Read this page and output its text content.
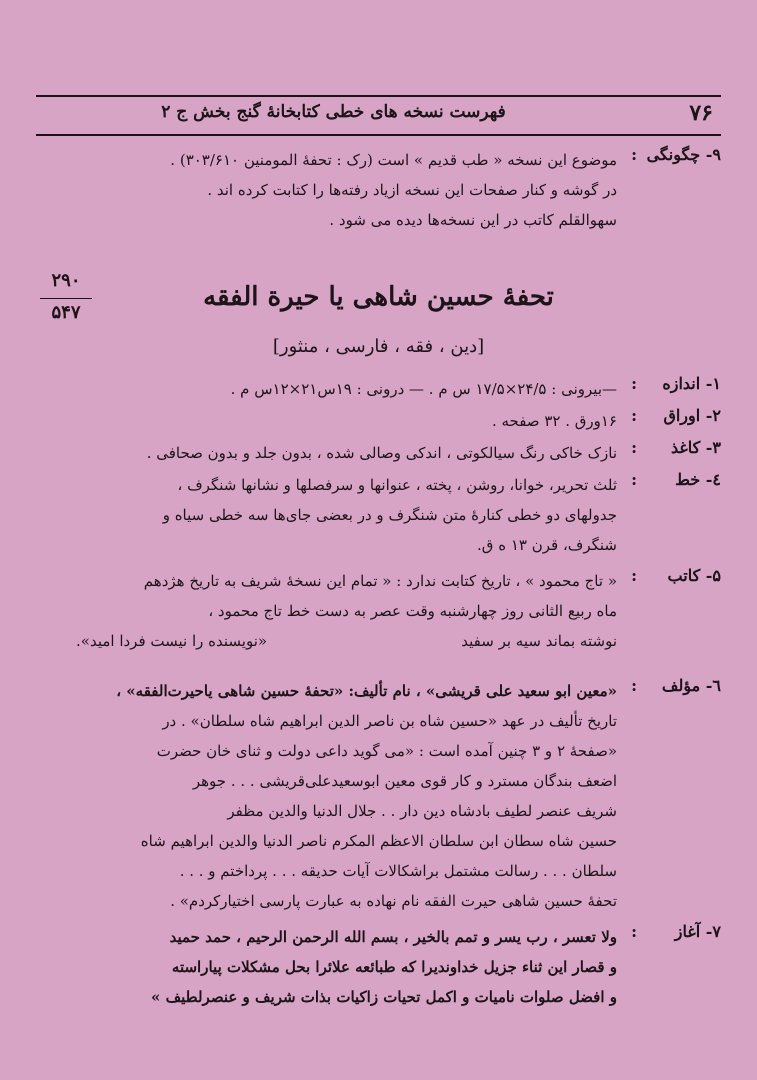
۷۶
فهرست نسخه های خطی کتابخانهٔ گنج بخش ج ۲
۹- چگونگی
:
موضوع این نسخه « طب قدیم » است (رک : تحفهٔ المومنین ۳۰۳/۶۱۰) .
در گوشه و کنار صفحات این نسخه ازیاد رفته‌ها را کتابت کرده اند .
سهوالقلم کاتب در این نسخه‌ها دیده می شود .
۲۹۰
۵۴۷
تحفهٔ حسین شاهی یا حیرة الفقه
[دین ، فقه ، فارسی ، منثور]
۱- اندازه
:
—بیرونی : ۲۴/۵×۱۷/۵ س م . — درونی : ۱۹س۲۱×۱۲س م .
۲- اوراق
:
۱۶ورق . ۳۲ صفحه .
۳- کاغذ
:
نازک خاکی رنگ سیالکوتی ، اندکی وصالی شده ، بدون جلد و بدون صحافی .
٤- خط
:
ثلث تحریر، خوانا، روشن ، پخته ، عنوانها و سرفصلها و نشانها شنگرف ،
جدولهای دو خطی کنارهٔ متن شنگرف و در بعضی جای‌ها سه خطی سیاه و
شنگرف، قرن ۱۳ ه ق.
۵- کاتب
:
« تاج محمود » ، تاریخ کتابت ندارد : « تمام این نسخهٔ شریف به تاریخ هژدهم
ماه ربیع الثانی روز چهارشنبه وقت عصر به دست خط تاج محمود ،
نوشته بماند سیه بر سفید
«نویسنده را نیست فردا امید».
٦- مؤلف
:
«معین ابو سعید علی قریشی» ، نام تألیف: «تحفهٔ حسین شاهی یاحیرت‌الفقه» ،
تاریخ تألیف در عهد «حسین شاه بن ناصر الدین ابراهیم شاه سلطان» . در
«صفحهٔ ۲ و ۳ چنین آمده است : «می گوید داعی دولت و ثنای خان حضرت
اضعف بندگان مسترد و کار قوی معین ابوسعیدعلی‌قریشی . . . جوهر
شریف عنصر لطیف بادشاه دین دار . . جلال الدنیا والدین مظفر
حسین شاه سطان ابن سلطان الاعظم المکرم ناصر الدنیا والدین ابراهیم شاه
سلطان . . . رسالت مشتمل براشکالات آیات حدیقه . . . پرداختم و . . .
تحفهٔ حسین شاهی حیرت الفقه نام نهاده به عبارت پارسی اختیارکردم» .
۷- آغاز
:
ولا تعسر ، رب یسر و تمم بالخیر ، بسم الله الرحمن الرحیم ، حمد حمید
و قصار این ثناء جزیل خداوندیرا که طبائعه علائرا بحل مشکلات پیاراسته
و افضل صلوات نامیات و اکمل تحیات زاکیات بذات شریف و عنصرلطیف »
